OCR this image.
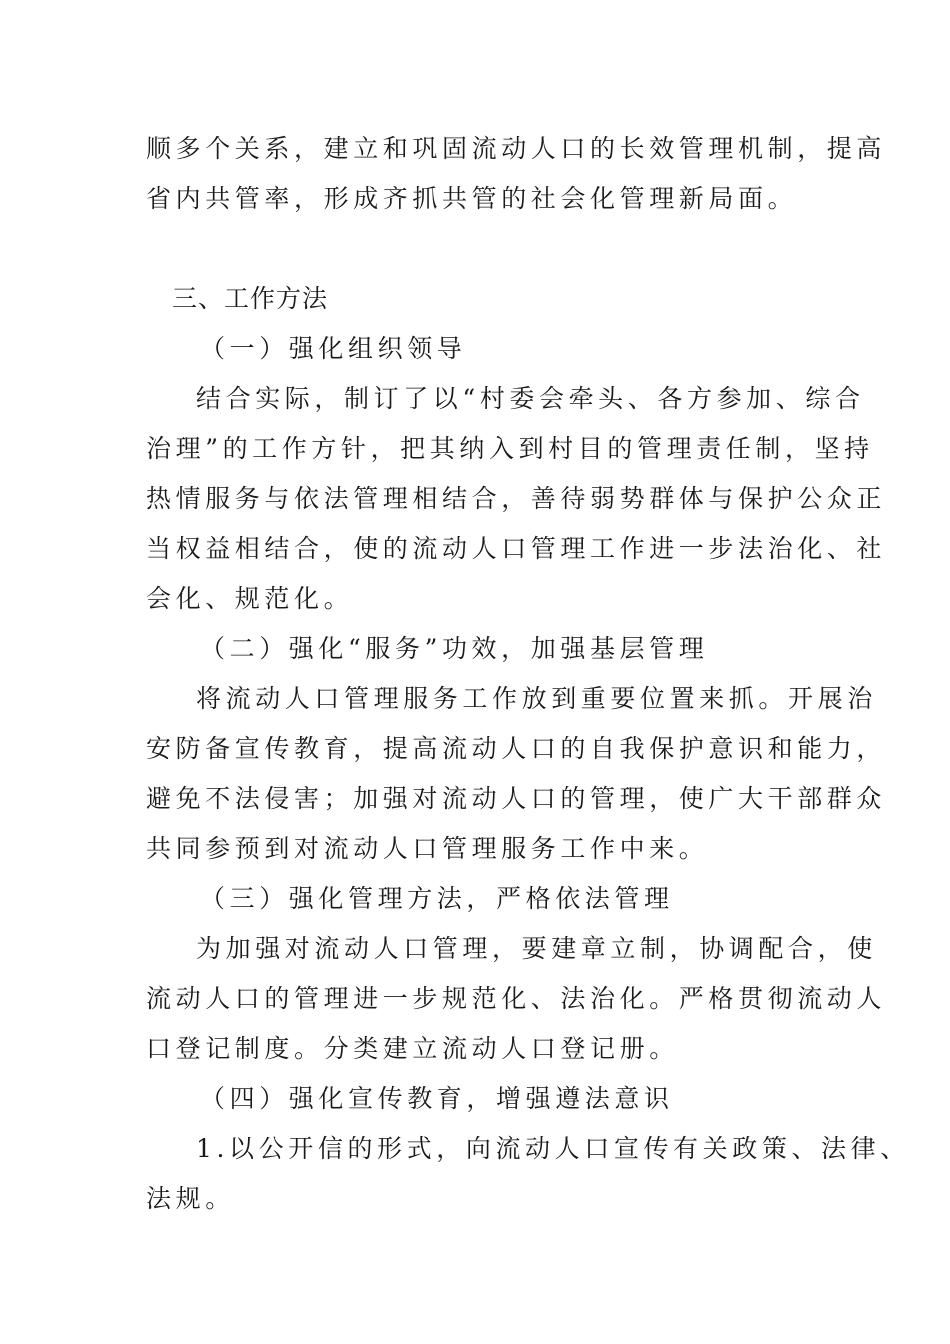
顺多个关系，建立和巩固流动人口的长效管理机制，提高

省内共管率，形成齐抓共管的社会化管理新局面。

三、工作方法

（一）强化组织领导

结合实际，制订了以“村委会牵头、各方参加、综合

治理”的工作方针，把其纳入到村目的管理责任制，坚持

热情服务与依法管理相结合，善待弱势群体与保护公众正

当权益相结合，使的流动人口管理工作进一步法治化、社

会化、规范化。

（二）强化“服务”功效，加强基层管理

将流动人口管理服务工作放到重要位置来抓。开展治

安防备宣传教育，提高流动人口的自我保护意识和能力，

避免不法侵害；加强对流动人口的管理，使广大干部群众

共同参预到对流动人口管理服务工作中来。

（三）强化管理方法，严格依法管理

为加强对流动人口管理，要建章立制，协调配合，使

流动人口的管理进一步规范化、法治化。严格贯彻流动人

口登记制度。分类建立流动人口登记册。

（四）强化宣传教育，增强遵法意识

1.以公开信的形式，向流动人口宣传有关政策、法律、

法规。
